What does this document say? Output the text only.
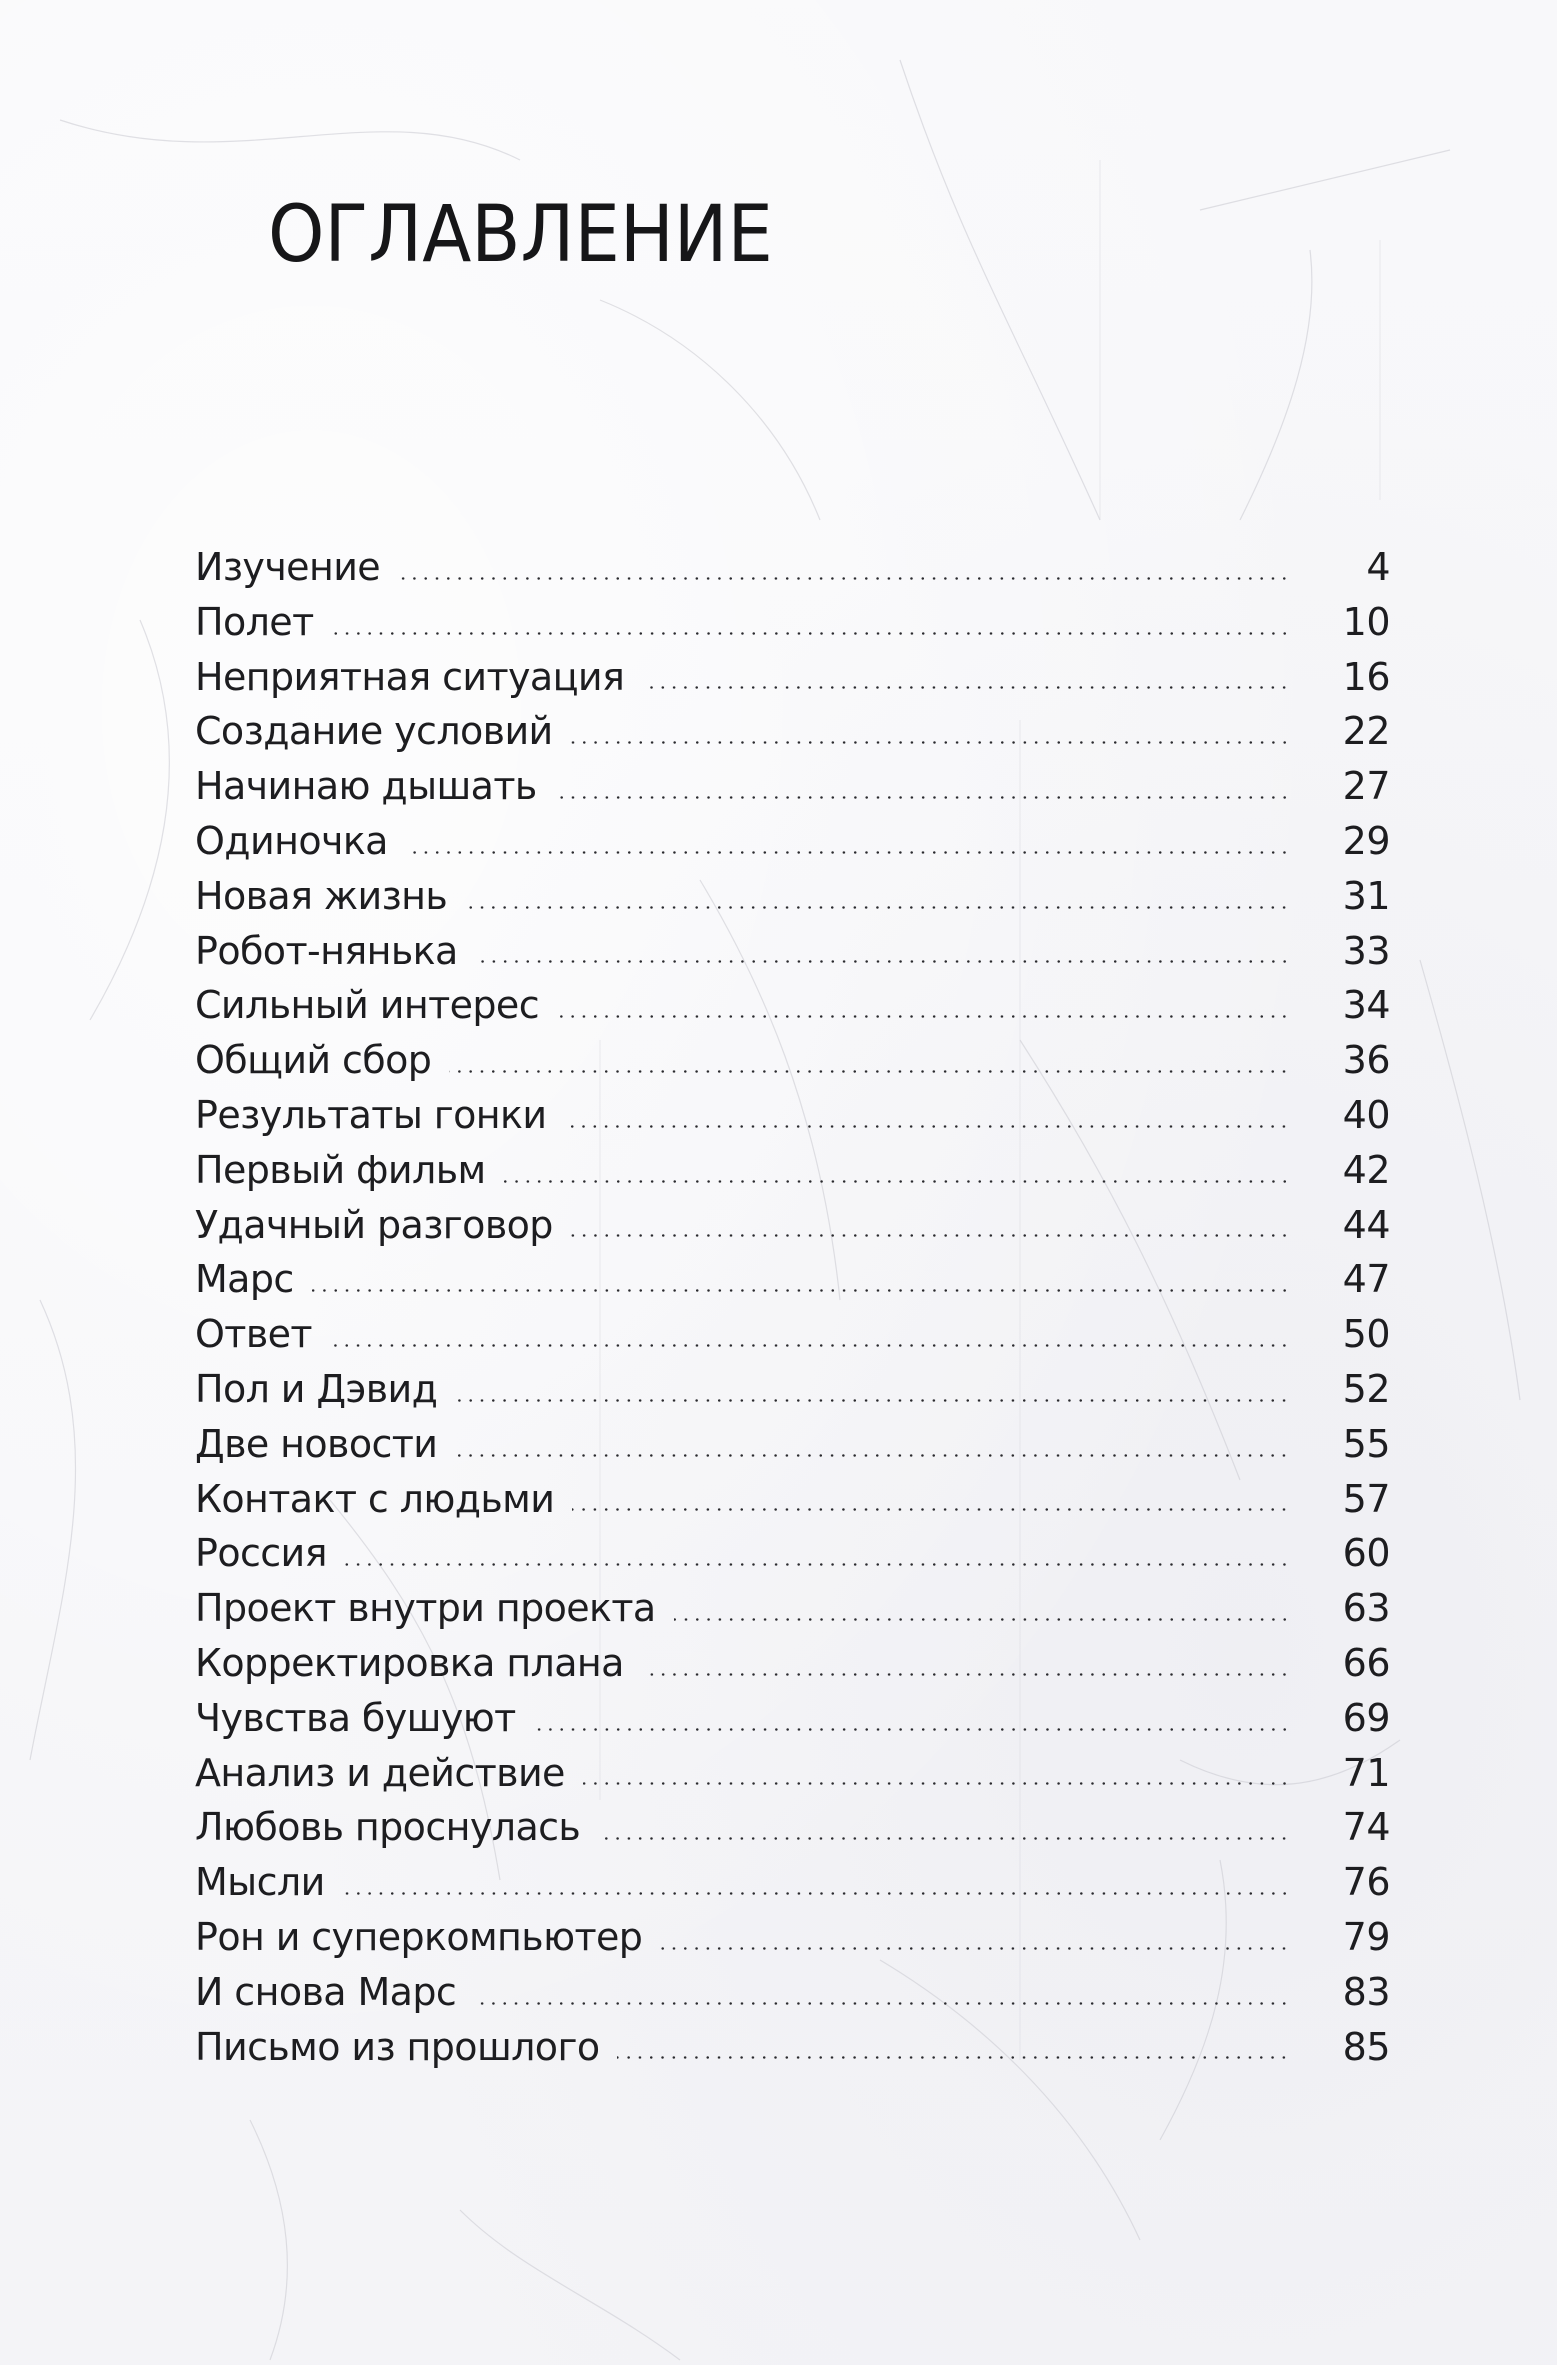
ОГЛАВЛЕНИЕ
Изучение	4
Полет	10
Неприятная ситуация	16
Создание условий	22
Начинаю дышать	27
Одиночка	29
Новая жизнь	31
Робот-нянька	33
Сильный интерес	34
Общий сбор	36
Результаты гонки	40
Первый фильм	42
Удачный разговор	44
Марс	47
Ответ	50
Пол и Дэвид	52
Две новости	55
Контакт с людьми	57
Россия	60
Проект внутри проекта	63
Корректировка плана	66
Чувства бушуют	69
Анализ и действие	71
Любовь проснулась	74
Мысли	76
Рон и суперкомпьютер	79
И снова Марс	83
Письмо из прошлого	85
